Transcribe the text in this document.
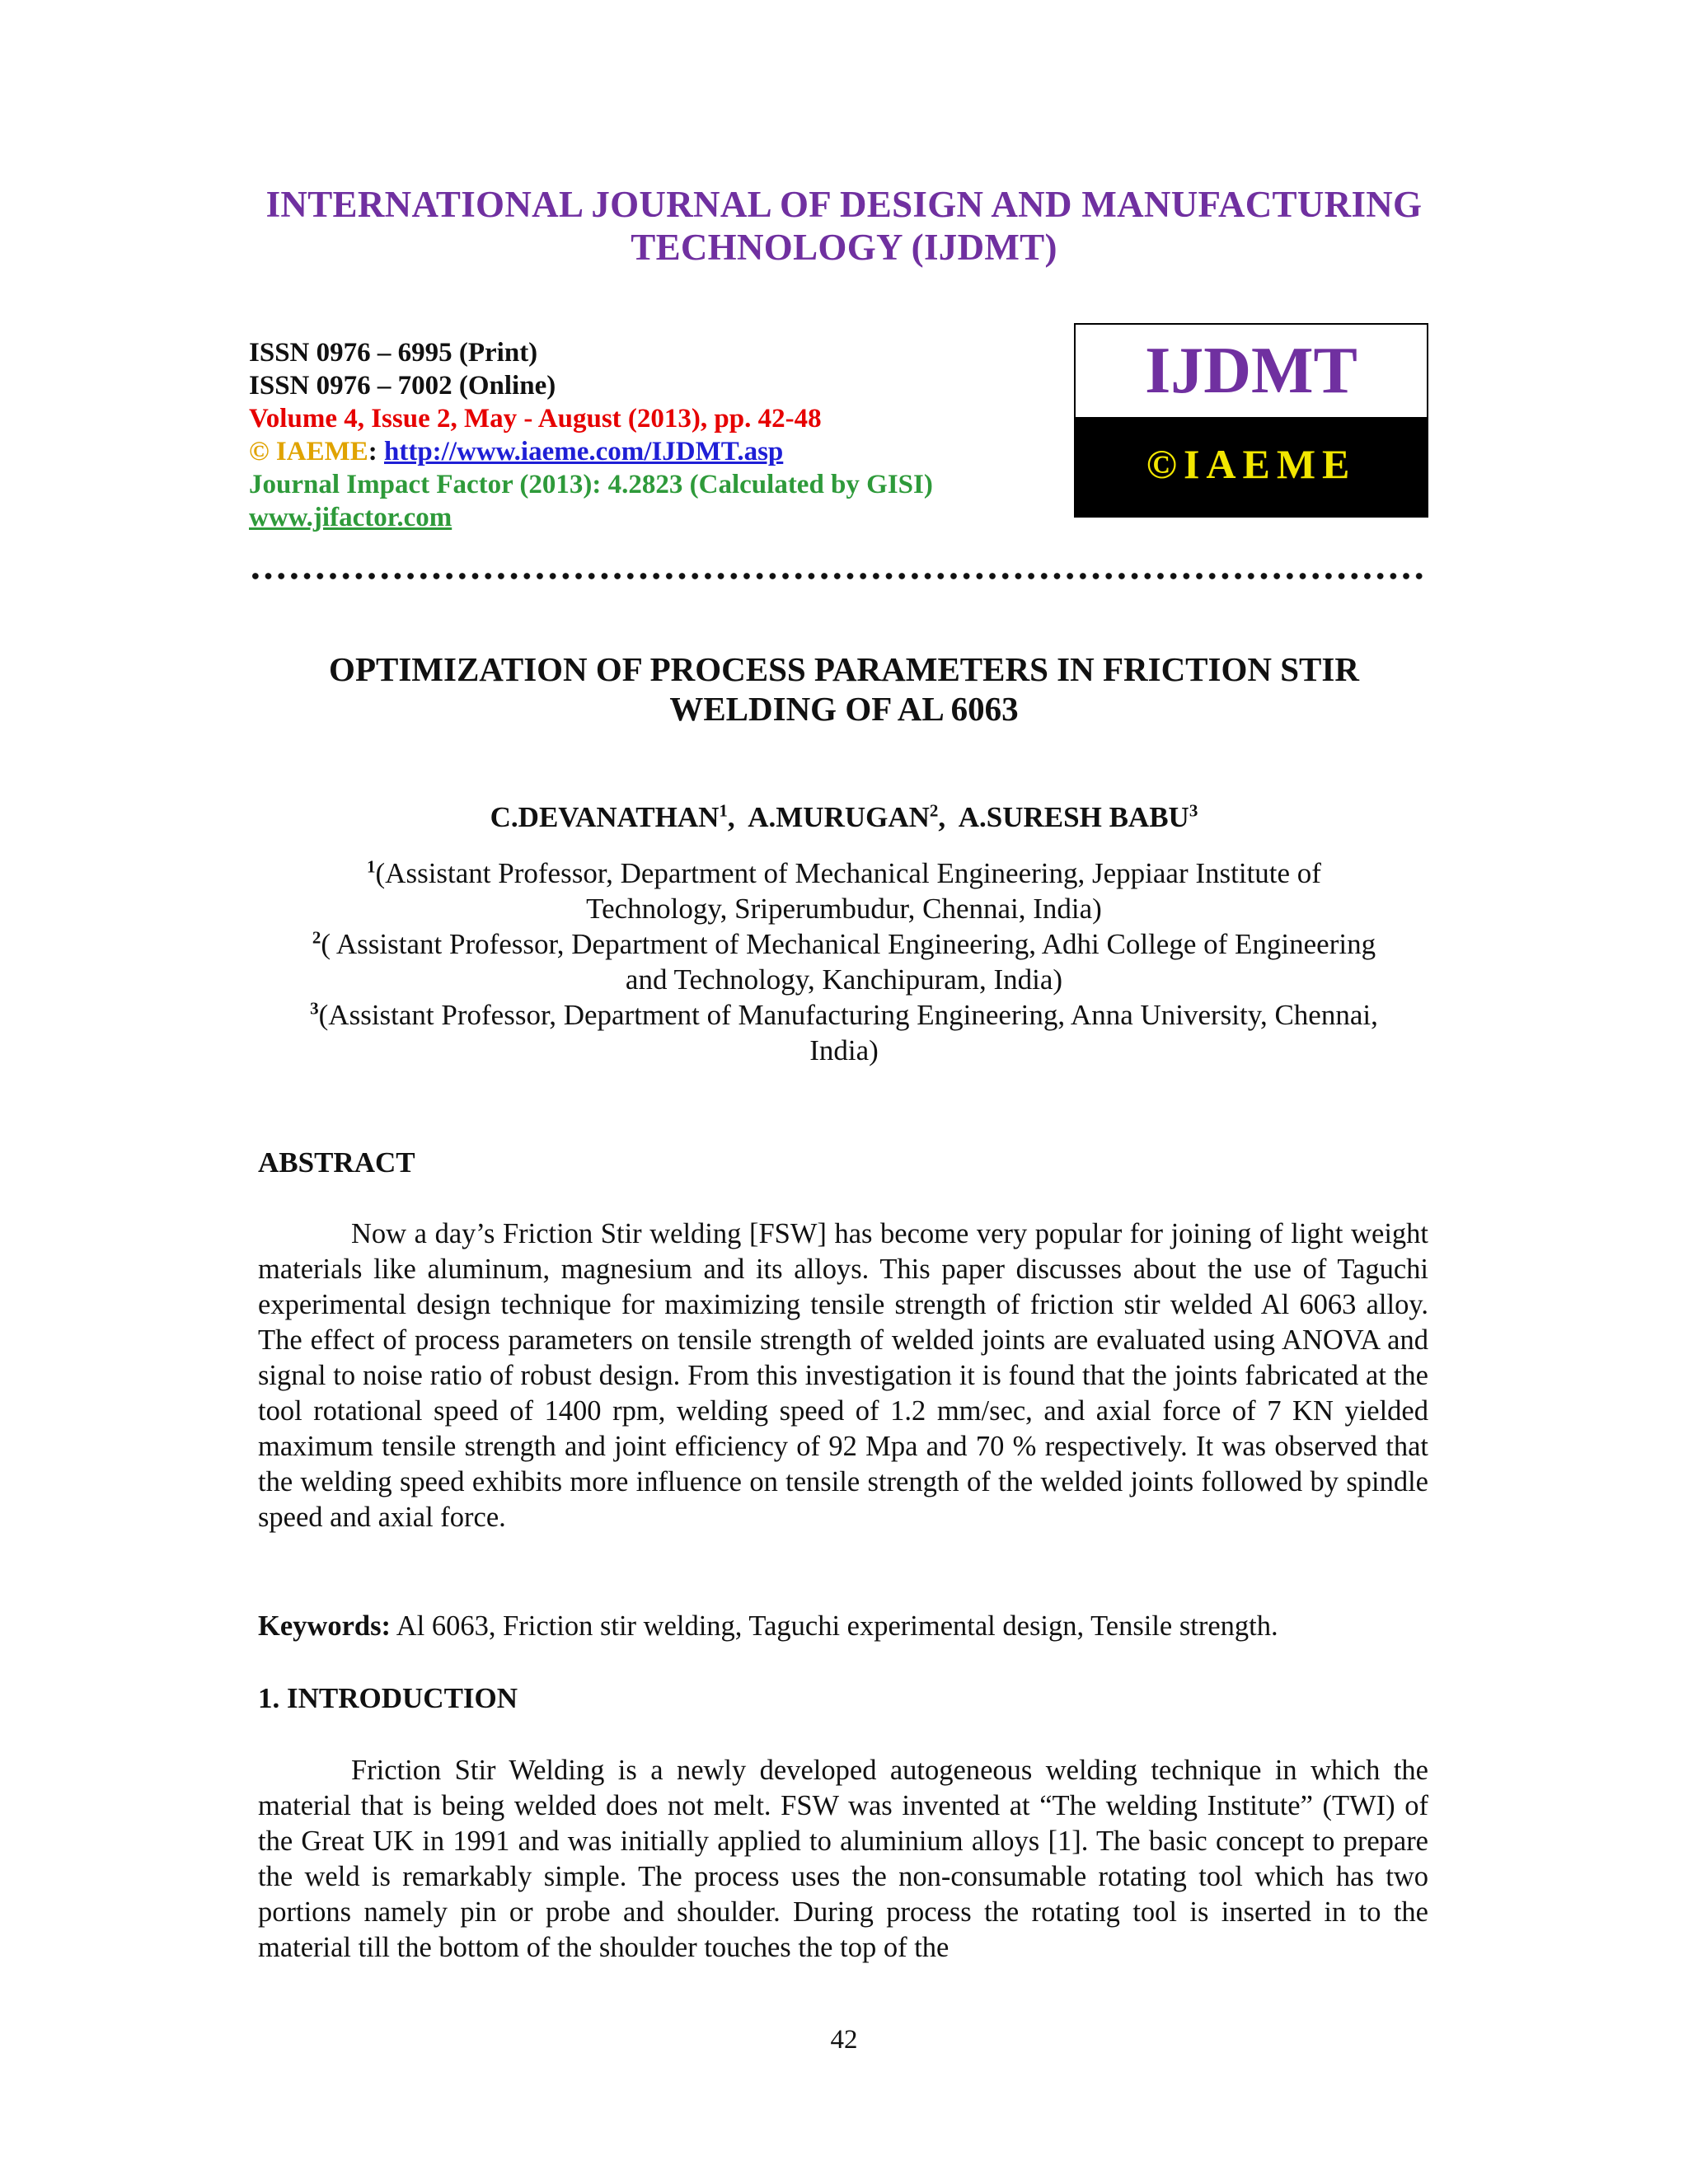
INTERNATIONAL JOURNAL OF DESIGN AND MANUFACTURING
TECHNOLOGY (IJDMT)
ISSN 0976 – 6995 (Print)
ISSN 0976 – 7002 (Online)
Volume 4, Issue 2, May - August (2013), pp. 42-48
© IAEME: http://www.iaeme.com/IJDMT.asp
Journal Impact Factor (2013): 4.2823 (Calculated by GISI)
www.jifactor.com
IJDMT
©IAEME
OPTIMIZATION OF PROCESS PARAMETERS IN FRICTION STIR
WELDING OF AL 6063
C.DEVANATHAN$^1$,  A.MURUGAN$^2$,  A.SURESH BABU$^3$
$^1$(Assistant Professor, Department of Mechanical Engineering, Jeppiaar Institute of
Technology, Sriperumbudur, Chennai, India)
$^2$( Assistant Professor, Department of Mechanical Engineering, Adhi College of Engineering
and Technology, Kanchipuram, India)
$^3$(Assistant Professor, Department of Manufacturing Engineering, Anna University, Chennai,
India)
ABSTRACT
Now a day’s Friction Stir welding [FSW] has become very popular for joining of light weight materials like aluminum, magnesium and its alloys. This paper discusses about the use of Taguchi experimental design technique for maximizing tensile strength of friction stir welded Al 6063 alloy. The effect of process parameters on tensile strength of welded joints are evaluated using ANOVA and signal to noise ratio of robust design. From this investigation it is found that the joints fabricated at the tool rotational speed of 1400 rpm, welding speed of 1.2 mm/sec, and axial force of 7 KN yielded maximum tensile strength and joint efficiency of 92 Mpa and 70 % respectively. It was observed that the welding speed exhibits more influence on tensile strength of the welded joints followed by spindle speed and axial force.
Keywords: Al 6063, Friction stir welding, Taguchi experimental design, Tensile strength.
1. INTRODUCTION
Friction Stir Welding is a newly developed autogeneous welding technique in which the material that is being welded does not melt. FSW was invented at “The welding Institute” (TWI) of the Great UK in 1991 and was initially applied to aluminium alloys [1]. The basic concept to prepare the weld is remarkably simple. The process uses the non-consumable rotating tool which has two portions namely pin or probe and shoulder. During process the rotating tool is inserted in to the material till the bottom of the shoulder touches the top of the
42
